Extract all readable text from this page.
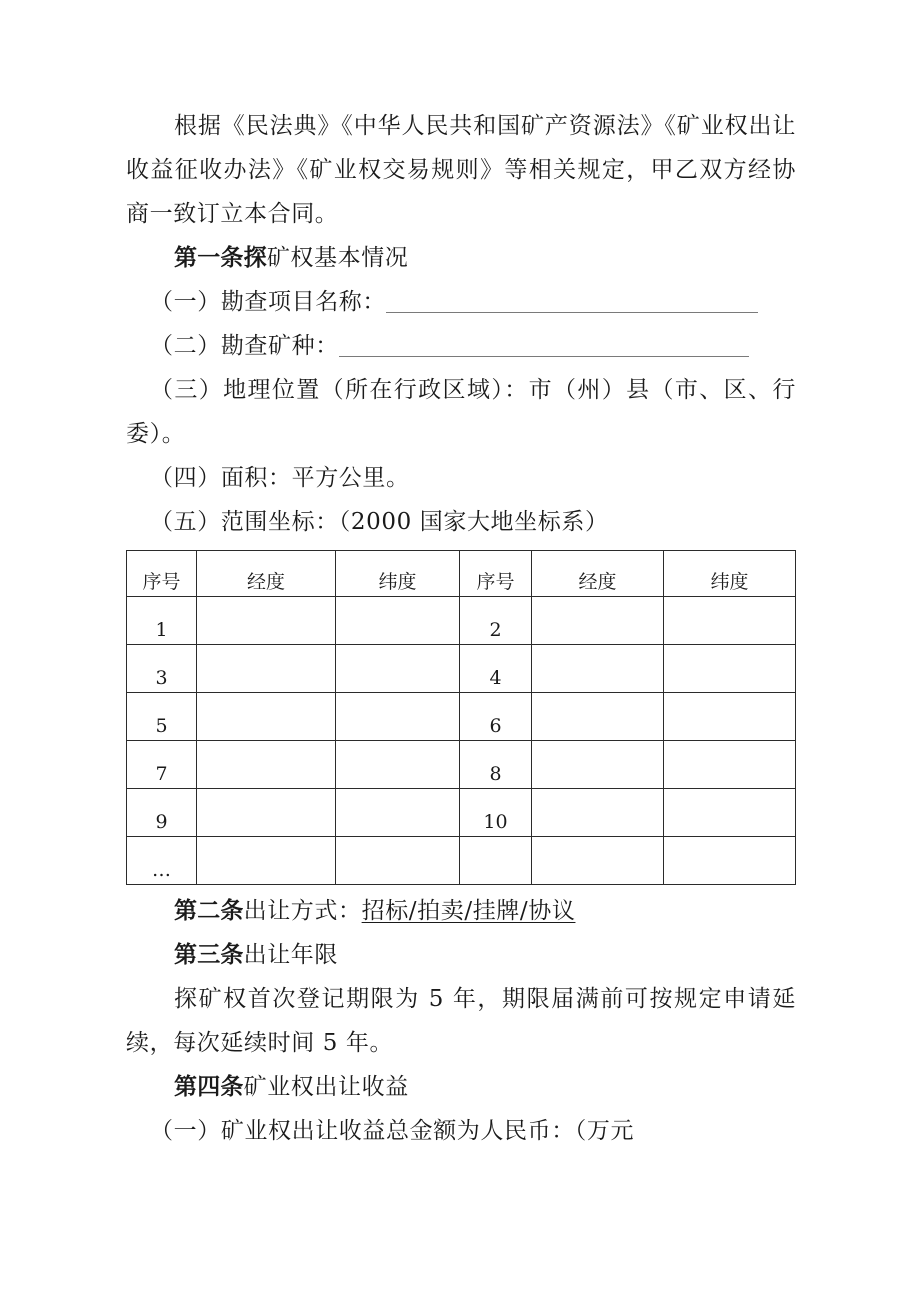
根据《民法典》《中华人民共和国矿产资源法》《矿业权出让收益征收办法》《矿业权交易规则》等相关规定，甲乙双方经协商一致订立本合同。

第一条探矿权基本情况

（一）勘查项目名称：

（二）勘查矿种：

（三）地理位置（所在行政区域）：市（州）县（市、区、行委）。

（四）面积：平方公里。

（五）范围坐标：（2000 国家大地坐标系）

序号	经度	纬度	序号	经度	纬度
1			2		
3			4		
5			6		
7			8		
9			10		
…					

第二条出让方式：招标/拍卖/挂牌/协议

第三条出让年限

探矿权首次登记期限为 5 年，期限届满前可按规定申请延续，每次延续时间 5 年。

第四条矿业权出让收益

（一）矿业权出让收益总金额为人民币：（万元
